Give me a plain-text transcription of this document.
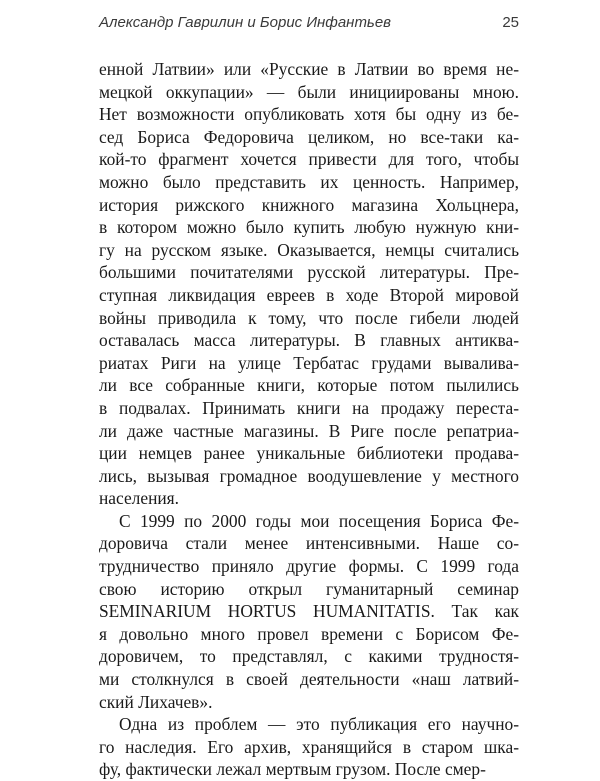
Александр Гаврилин и Борис Инфантьев	25
енной Латвии» или «Русские в Латвии во время не-
мецкой оккупации» — были инициированы мною.
Нет возможности опубликовать хотя бы одну из бе-
сед Бориса Федоровича целиком, но все-таки ка-
кой-то фрагмент хочется привести для того, чтобы
можно было представить их ценность. Например,
история рижского книжного магазина Хольцнера,
в котором можно было купить любую нужную кни-
гу на русском языке. Оказывается, немцы считались
большими почитателями русской литературы. Пре-
ступная ликвидация евреев в ходе Второй мировой
войны приводила к тому, что после гибели людей
оставалась масса литературы. В главных антиква-
риатах Риги на улице Тербатас грудами вывалива-
ли все собранные книги, которые потом пылились
в подвалах. Принимать книги на продажу переста-
ли даже частные магазины. В Риге после репатриа-
ции немцев ранее уникальные библиотеки продава-
лись, вызывая громадное воодушевление у местного
населения.
С 1999 по 2000 годы мои посещения Бориса Фе-
доровича стали менее интенсивными. Наше со-
трудничество приняло другие формы. С 1999 года
свою историю открыл гуманитарный семинар
SEMINARIUM HORTUS HUMANITATIS. Так как
я довольно много провел времени с Борисом Фе-
доровичем, то представлял, с какими трудностя-
ми столкнулся в своей деятельности «наш латвий-
ский Лихачев».
Одна из проблем — это публикация его научно-
го наследия. Его архив, хранящийся в старом шка-
фу, фактически лежал мертвым грузом. После смер-
